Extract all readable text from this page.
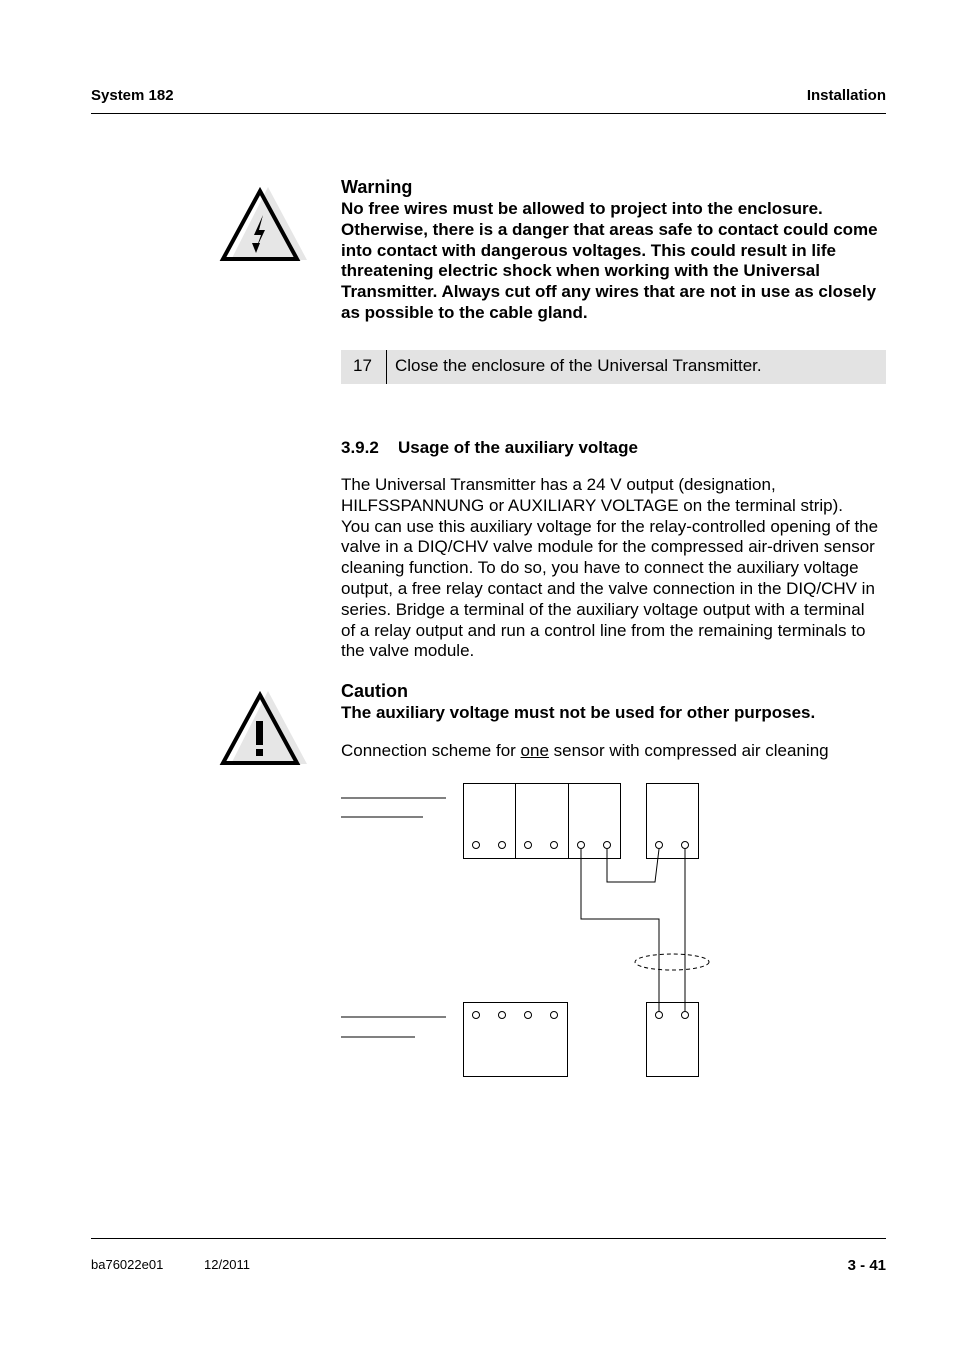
System 182	Installation
Warning
No free wires must be allowed to project into the enclosure.
Otherwise, there is a danger that areas safe to contact could come
into contact with dangerous voltages. This could result in life
threatening electric shock when working with the Universal
Transmitter. Always cut off any wires that are not in use as closely
as possible to the cable gland.
17 Close the enclosure of the Universal Transmitter.
3.9.2 Usage of the auxiliary voltage
The Universal Transmitter has a 24 V output (designation,
HILFSSPANNUNG or AUXILIARY VOLTAGE on the terminal strip).
You can use this auxiliary voltage for the relay-controlled opening of the
valve in a DIQ/CHV valve module for the compressed air-driven sensor
cleaning function. To do so, you have to connect the auxiliary voltage
output, a free relay contact and the valve connection in the DIQ/CHV in
series. Bridge a terminal of the auxiliary voltage output with a terminal
of a relay output and run a control line from the remaining terminals to
the valve module.
Caution
The auxiliary voltage must not be used for other purposes.
Connection scheme for one sensor with compressed air cleaning
ba76022e01	12/2011	3 - 41
